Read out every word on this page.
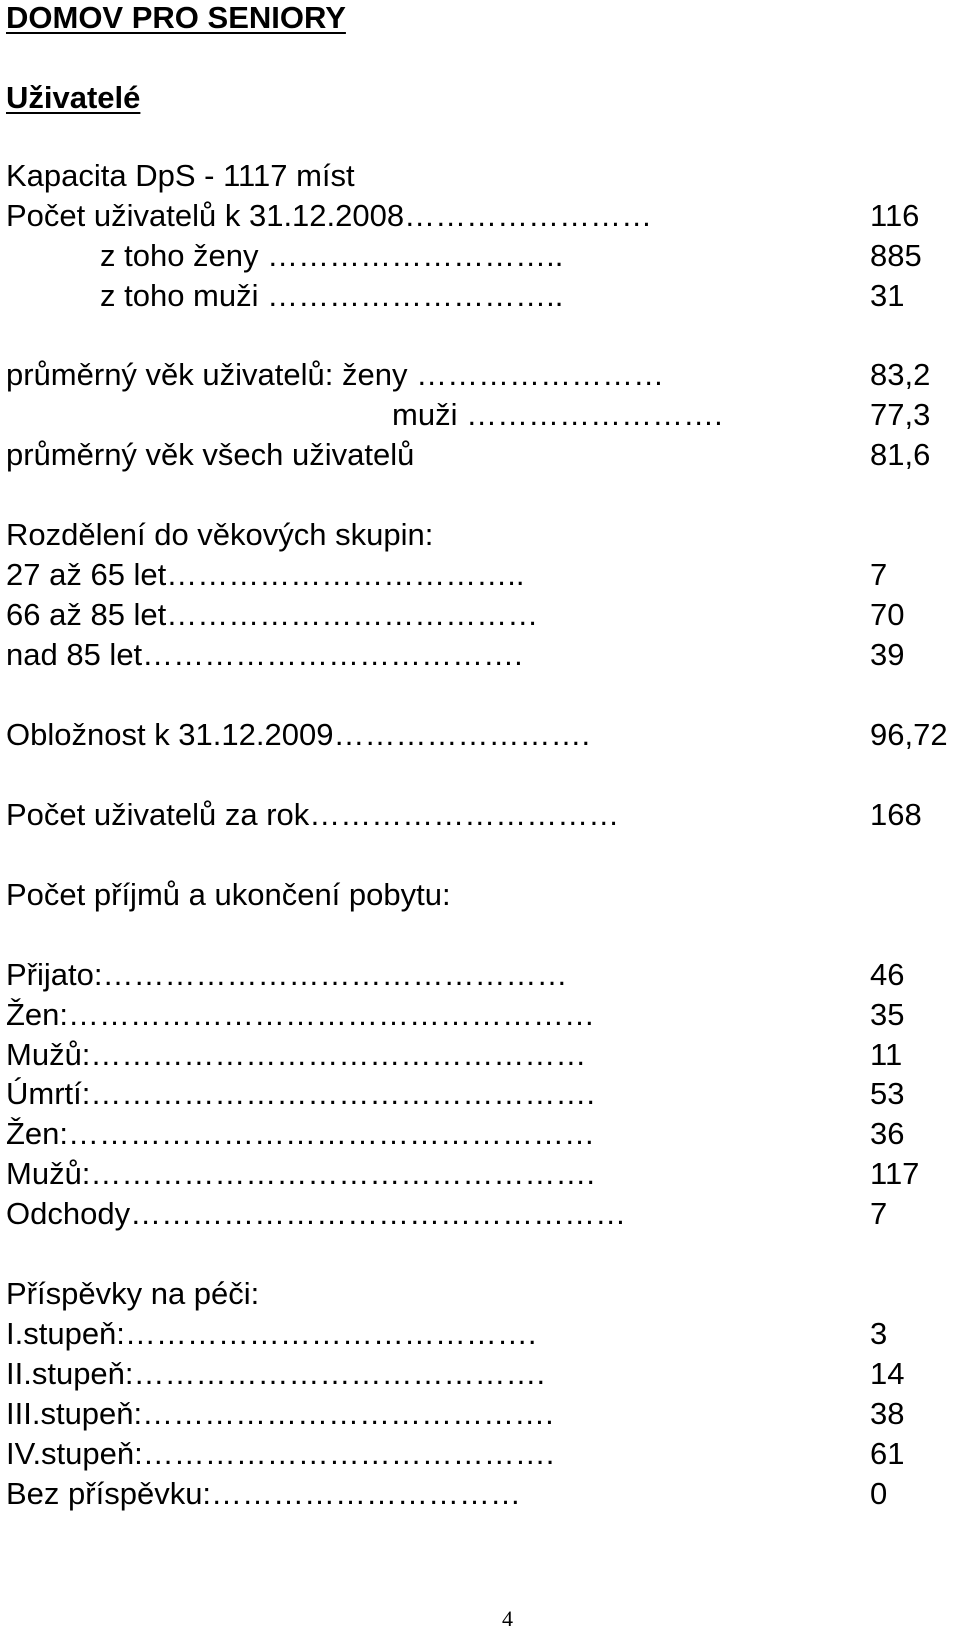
DOMOV PRO SENIORY
Uživatelé
Kapacita DpS - 1117 míst
Počet uživatelů k 31.12.2008……………………	116
z toho ženy ………………………..	885
z toho muži ………………………..	31
průměrný věk uživatelů: ženy ……………………	83,2
muži …………………….	77,3
průměrný věk všech uživatelů	81,6
Rozdělení do věkových skupin:
27 až 65 let……………………………..	7
66 až 85 let………………………………	70
nad 85 let……………………………….	39
Obložnost k 31.12.2009…………………….	96,72
Počet uživatelů za rok…………………………	168
Počet příjmů a ukončení pobytu:
Přijato:………………………………………	46
Žen:……………………………………………	35
Mužů:…………………………………………	11
Úmrtí:………………………………………….	53
Žen:……………………………………………	36
Mužů:………………………………………….	117
Odchody…………………………………………	7
Příspěvky na péči:
I.stupeň:………………………………….	3
II.stupeň:………………………………….	14
III.stupeň:………………………………….	38
IV.stupeň:………………………………….	61
Bez příspěvku:…………………………	0
4
